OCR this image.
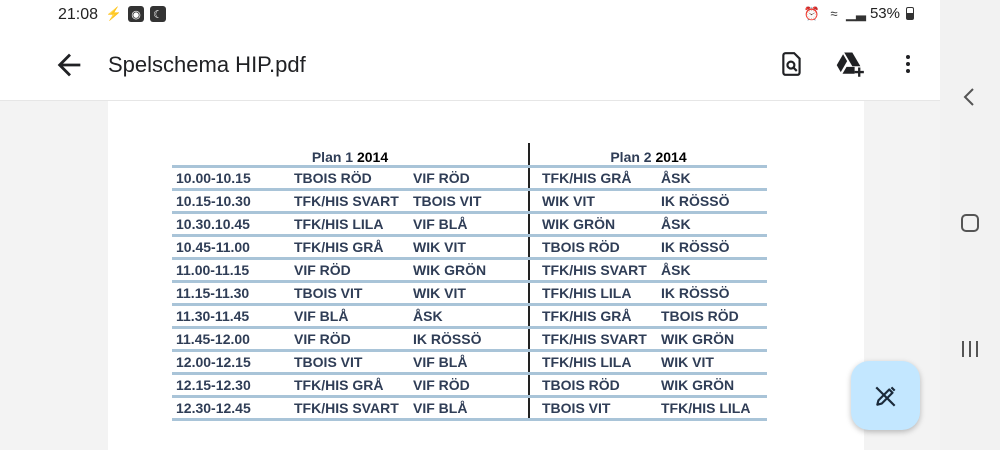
21:08 ⚡ ◉ ☾	⏰ ≈ ▁▃ 53%
Spelschema HIP.pdf
Plan 1 2014			Plan 2 2014	
10.00-10.15	TBOIS RÖD	VIF RÖD	TFK/HIS GRÅ	ÅSK
10.15-10.30	TFK/HIS SVART	TBOIS VIT	WIK VIT	IK RÖSSÖ
10.30.10.45	TFK/HIS LILA	VIF BLÅ	WIK GRÖN	ÅSK
10.45-11.00	TFK/HIS GRÅ	WIK VIT	TBOIS RÖD	IK RÖSSÖ
11.00-11.15	VIF RÖD	WIK GRÖN	TFK/HIS SVART	ÅSK
11.15-11.30	TBOIS VIT	WIK VIT	TFK/HIS LILA	IK RÖSSÖ
11.30-11.45	VIF BLÅ	ÅSK	TFK/HIS GRÅ	TBOIS RÖD
11.45-12.00	VIF RÖD	IK RÖSSÖ	TFK/HIS SVART	WIK GRÖN
12.00-12.15	TBOIS VIT	VIF BLÅ	TFK/HIS LILA	WIK VIT
12.15-12.30	TFK/HIS GRÅ	VIF RÖD	TBOIS RÖD	WIK GRÖN
12.30-12.45	TFK/HIS SVART	VIF BLÅ	TBOIS VIT	TFK/HIS LILA
